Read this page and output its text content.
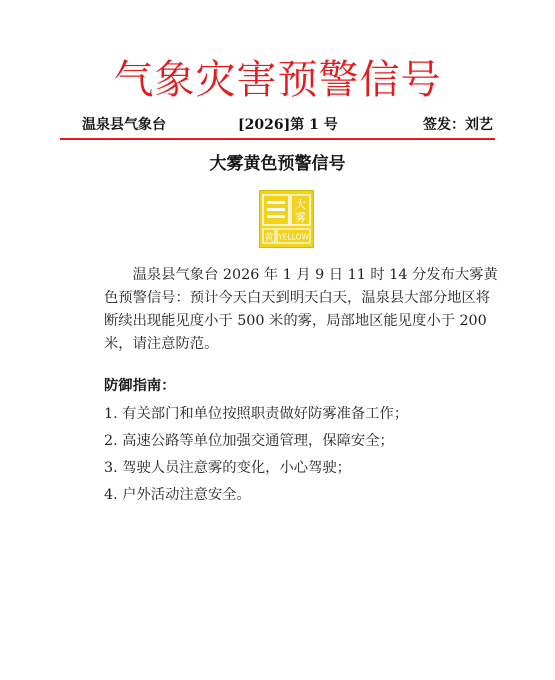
气象灾害预警信号
温泉县气象台	[2026]第 1 号	签发：刘艺
大雾黄色预警信号
大
雾
黄 YELLOW

温泉县气象台 2026 年 1 月 9 日 11 时 14 分发布大雾黄色预警信号：预计今天白天到明天白天，温泉县大部分地区将断续出现能见度小于 500 米的雾，局部地区能见度小于 200 米，请注意防范。

防御指南：
1. 有关部门和单位按照职责做好防雾准备工作；
2. 高速公路等单位加强交通管理，保障安全；
3. 驾驶人员注意雾的变化，小心驾驶；
4. 户外活动注意安全。
